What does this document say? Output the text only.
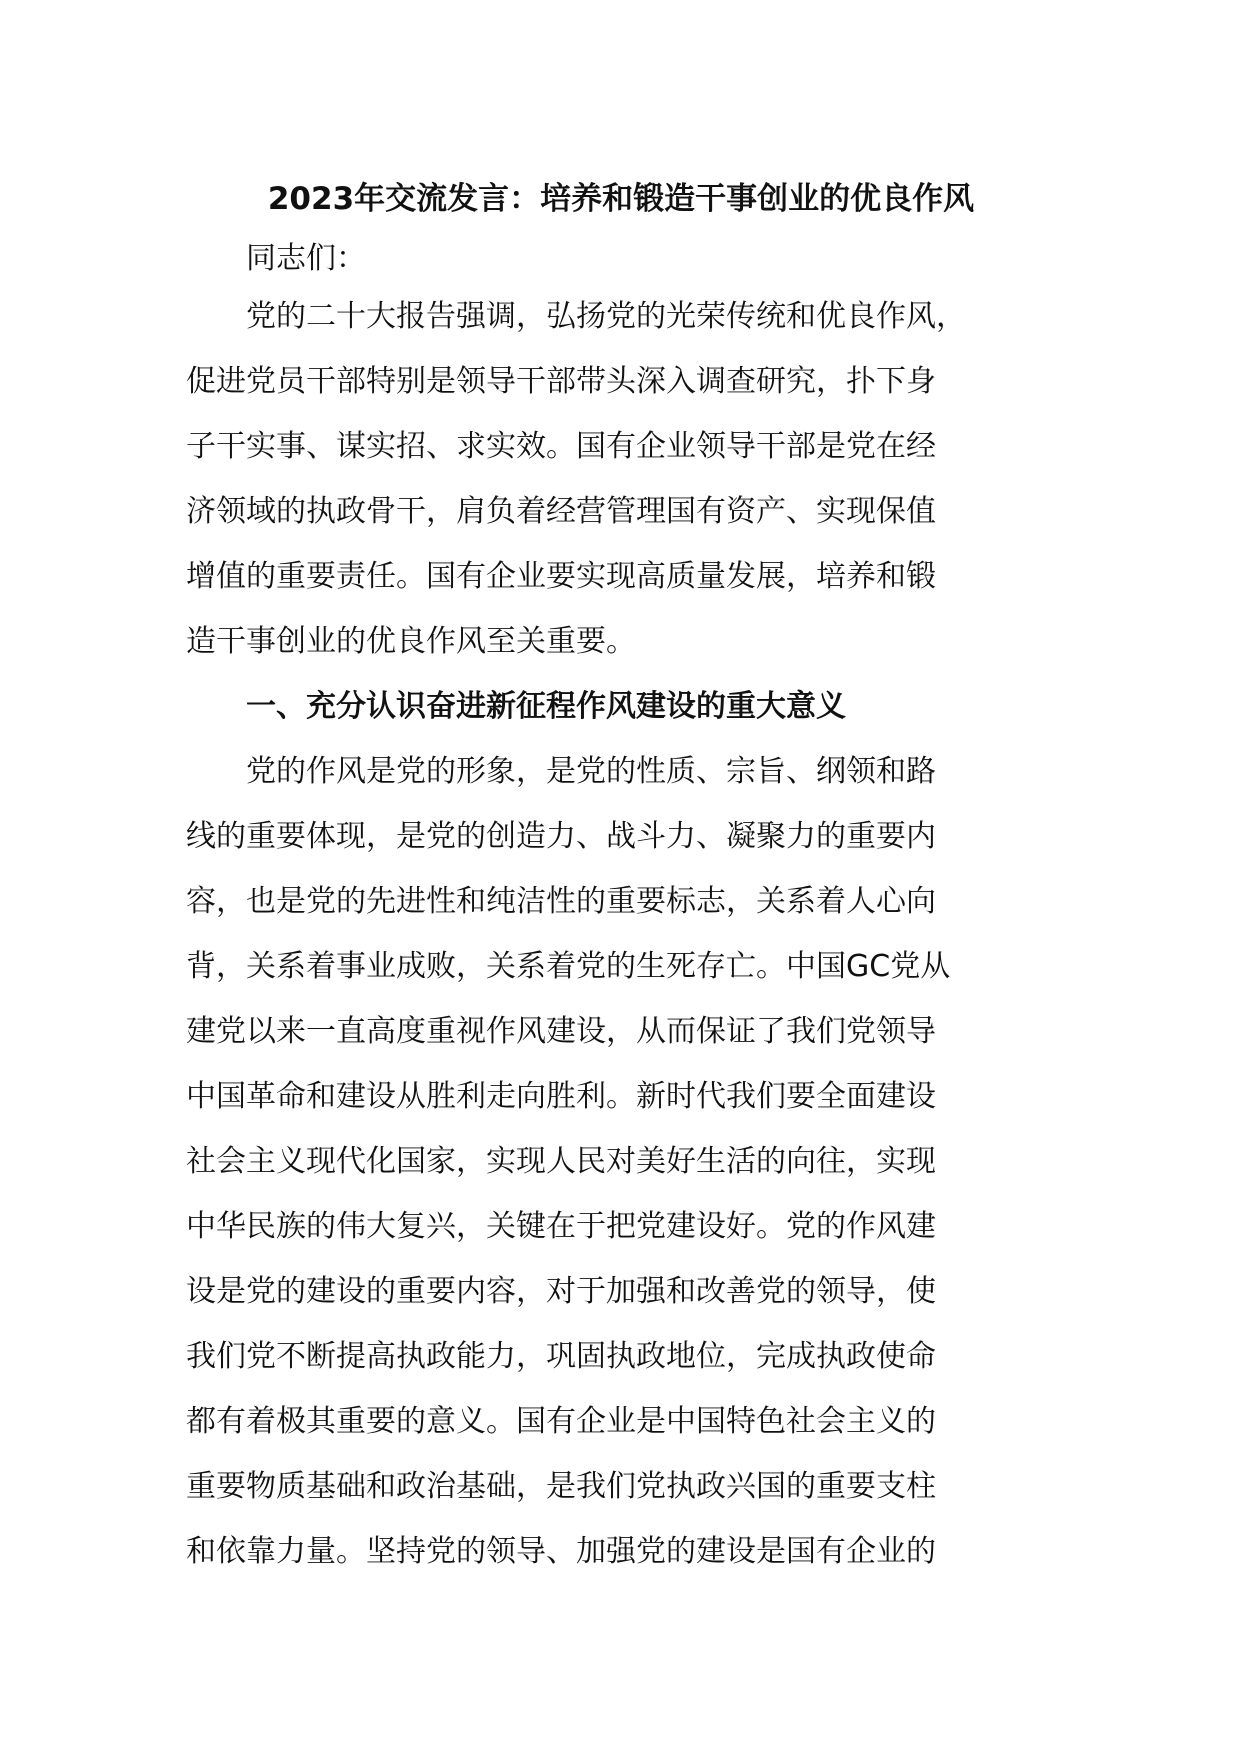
2023年交流发言：培养和锻造干事创业的优良作风

同志们：

党的二十大报告强调，弘扬党的光荣传统和优良作风，
促进党员干部特别是领导干部带头深入调查研究，扑下身
子干实事、谋实招、求实效。国有企业领导干部是党在经
济领域的执政骨干，肩负着经营管理国有资产、实现保值
增值的重要责任。国有企业要实现高质量发展，培养和锻
造干事创业的优良作风至关重要。
一、充分认识奋进新征程作风建设的重大意义
党的作风是党的形象，是党的性质、宗旨、纲领和路
线的重要体现，是党的创造力、战斗力、凝聚力的重要内
容，也是党的先进性和纯洁性的重要标志，关系着人心向
背，关系着事业成败，关系着党的生死存亡。中国GC党从
建党以来一直高度重视作风建设，从而保证了我们党领导
中国革命和建设从胜利走向胜利。新时代我们要全面建设
社会主义现代化国家，实现人民对美好生活的向往，实现
中华民族的伟大复兴，关键在于把党建设好。党的作风建
设是党的建设的重要内容，对于加强和改善党的领导，使
我们党不断提高执政能力，巩固执政地位，完成执政使命
都有着极其重要的意义。国有企业是中国特色社会主义的
重要物质基础和政治基础，是我们党执政兴国的重要支柱
和依靠力量。坚持党的领导、加强党的建设是国有企业的
